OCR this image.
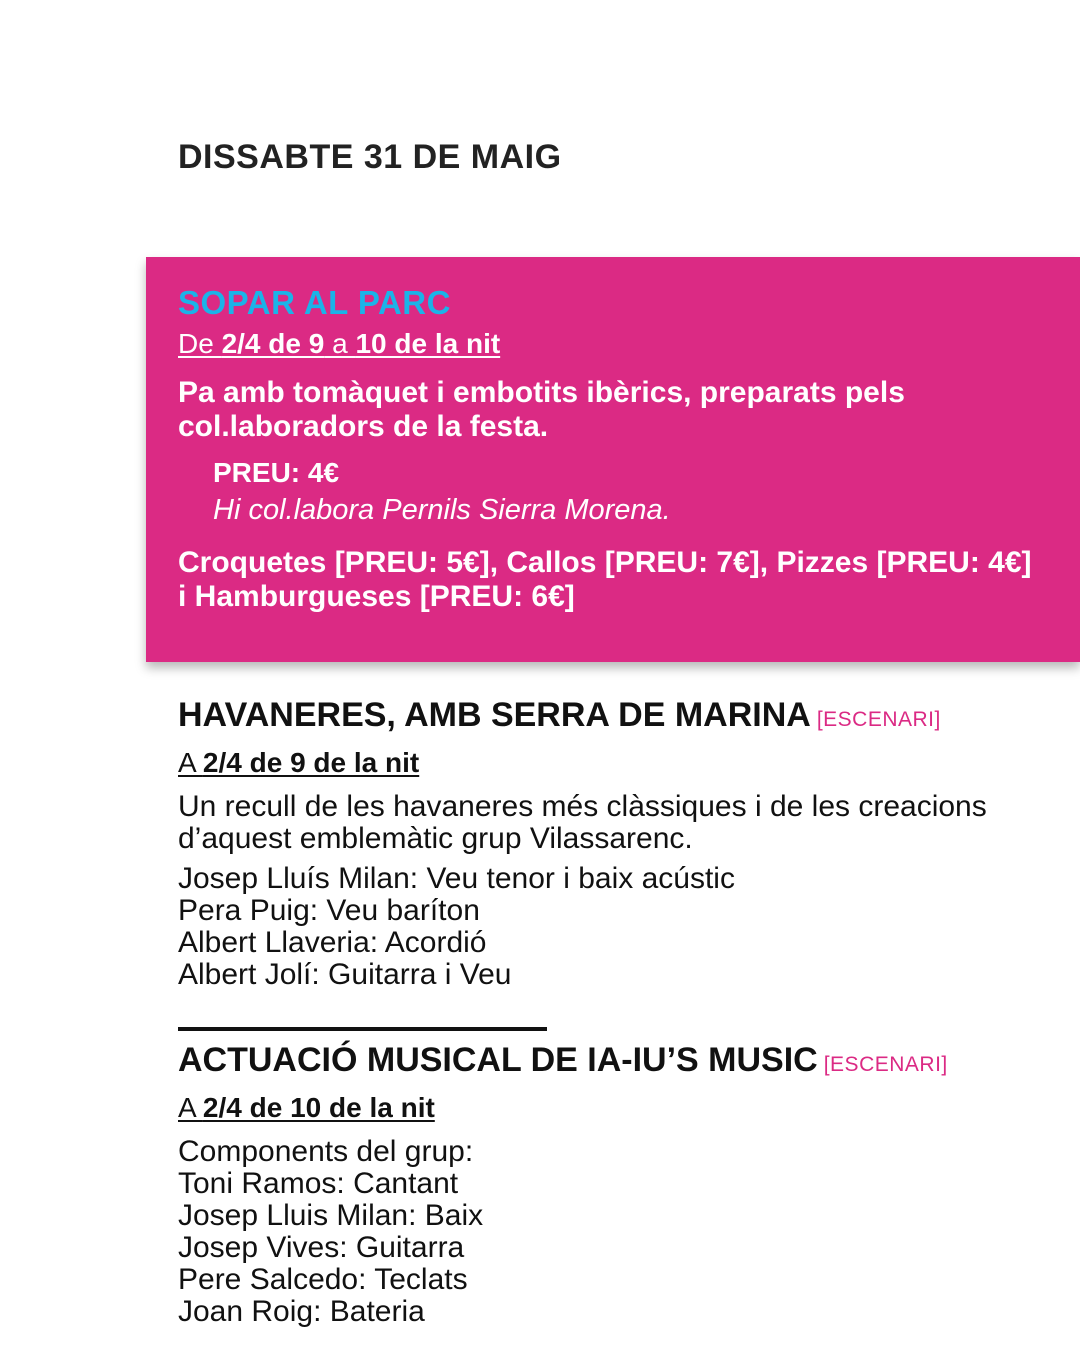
DISSABTE 31 DE MAIG
SOPAR AL PARC
De 2/4 de 9 a 10 de la nit
Pa amb tomàquet i embotits ibèrics, preparats pels col.laboradors de la festa.
PREU: 4€
Hi col.labora Pernils Sierra Morena.
Croquetes [PREU: 5€], Callos [PREU: 7€], Pizzes [PREU: 4€] i Hamburgueses [PREU: 6€]
HAVANERES, AMB SERRA DE MARINA [ESCENARI]
A 2/4 de 9 de la nit
Un recull de les havaneres més clàssiques i de les creacions d’aquest emblemàtic grup Vilassarenc.
Josep Lluís Milan: Veu tenor i baix acústic
Pera Puig: Veu baríton
Albert Llaveria: Acordió
Albert Jolí: Guitarra i Veu
ACTUACIÓ MUSICAL DE IA-IU’S MUSIC [ESCENARI]
A 2/4 de 10 de la nit
Components del grup:
Toni Ramos: Cantant
Josep Lluis Milan: Baix
Josep Vives: Guitarra
Pere Salcedo: Teclats
Joan Roig: Bateria
